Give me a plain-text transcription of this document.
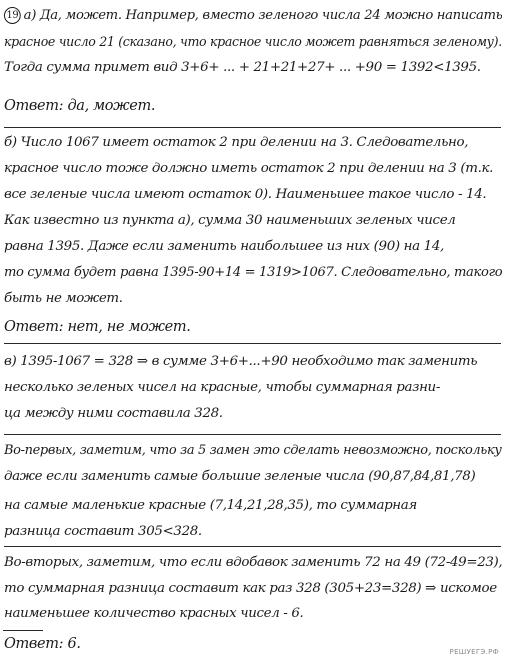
19 а) Да, может. Например, вместо зеленого числа 24 можно написать
красное число 21 (сказано, что красное число может равняться зеленому).
Тогда сумма примет вид 3+6+ ... + 21+21+27+ ... +90 = 1392<1395.
Ответ: да, может.
б) Число 1067 имеет остаток 2 при делении на 3. Следовательно,
красное число тоже должно иметь остаток 2 при делении на 3 (т.к.
все зеленые числа имеют остаток 0). Наименьшее такое число - 14.
Как известно из пункта а), сумма 30 наименьших зеленых чисел
равна 1395. Даже если заменить наибольшее из них (90) на 14,
то сумма будет равна 1395-90+14 = 1319>1067. Следовательно, такого
быть не может.
Ответ: нет, не может.
в) 1395-1067 = 328 ⇒ в сумме 3+6+...+90 необходимо так заменить
несколько зеленых чисел на красные, чтобы суммарная разни-
ца между ними составила 328.
Во-первых, заметим, что за 5 замен это сделать невозможно, поскольку
даже если заменить самые большие зеленые числа (90,87,84,81,78)
на самые маленькие красные (7,14,21,28,35), то суммарная
разница составит 305<328.
Во-вторых, заметим, что если вдобавок заменить 72 на 49 (72-49=23),
то суммарная разница составит как раз 328 (305+23=328) ⇒ искомое
наименьшее количество красных чисел - 6.
Ответ: 6.	РЕШУЕГЭ.РФ
